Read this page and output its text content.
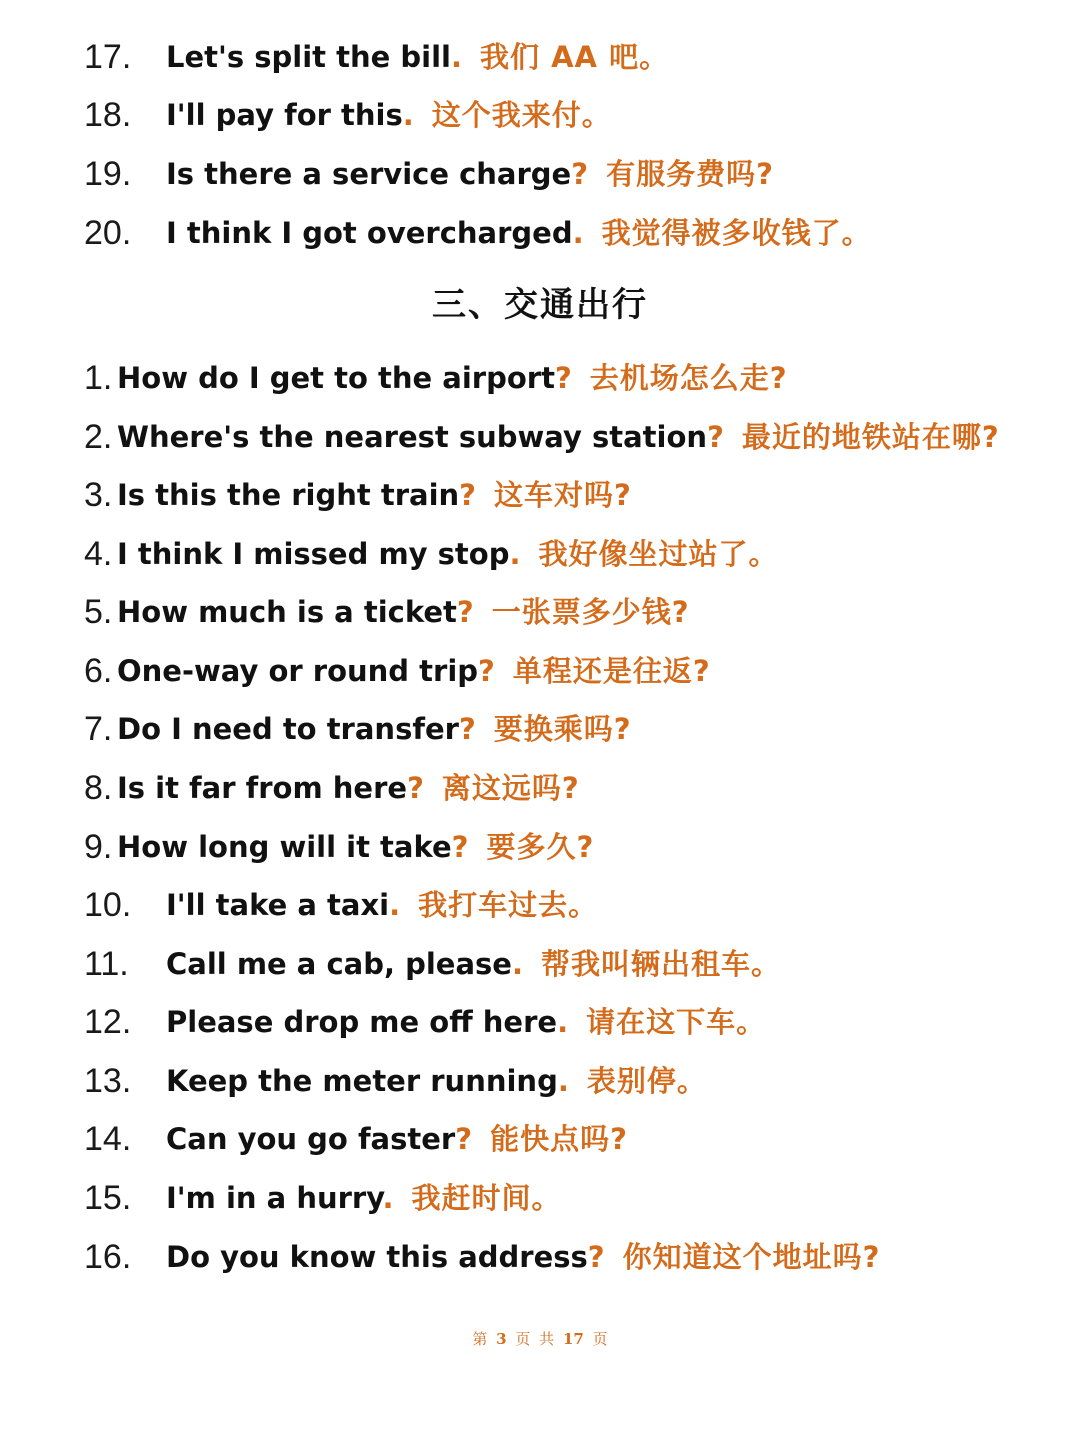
17. Let's split the bill. 我们 AA 吧。
18. I'll pay for this. 这个我来付。
19. Is there a service charge? 有服务费吗?
20. I think I got overcharged. 我觉得被多收钱了。
三、交通出行
1. How do I get to the airport? 去机场怎么走?
2. Where's the nearest subway station? 最近的地铁站在哪?
3. Is this the right train? 这车对吗?
4. I think I missed my stop. 我好像坐过站了。
5. How much is a ticket? 一张票多少钱?
6. One-way or round trip? 单程还是往返?
7. Do I need to transfer? 要换乘吗?
8. Is it far from here? 离这远吗?
9. How long will it take? 要多久?
10. I'll take a taxi. 我打车过去。
11. Call me a cab, please. 帮我叫辆出租车。
12. Please drop me off here. 请在这下车。
13. Keep the meter running. 表别停。
14. Can you go faster? 能快点吗?
15. I'm in a hurry. 我赶时间。
16. Do you know this address? 你知道这个地址吗?
第 3 页 共 17 页
